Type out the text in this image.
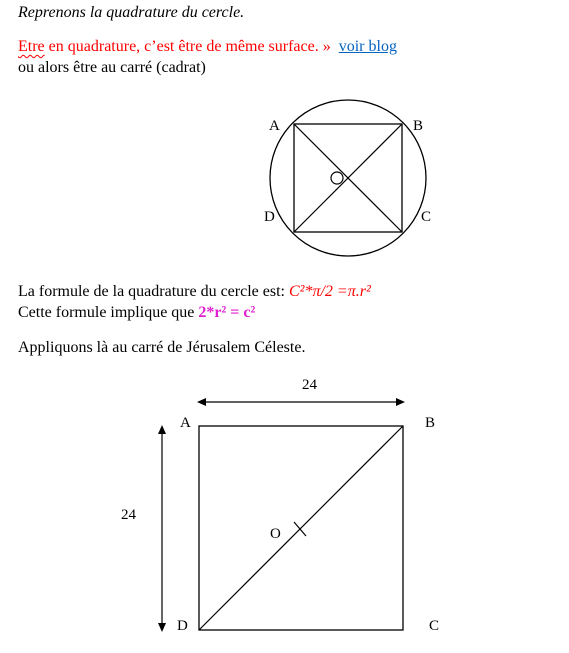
Reprenons la quadrature du cercle.
Etre en quadrature, c’est être de même surface. » voir blog
ou alors être au carré (cadrat)
A	B
C
D
24
24
A	B
C
D
O
La formule de la quadrature du cercle est: C²*π/2 =π.r²
Cette formule implique que 2*r² = c²
Appliquons là au carré de Jérusalem Céleste.
